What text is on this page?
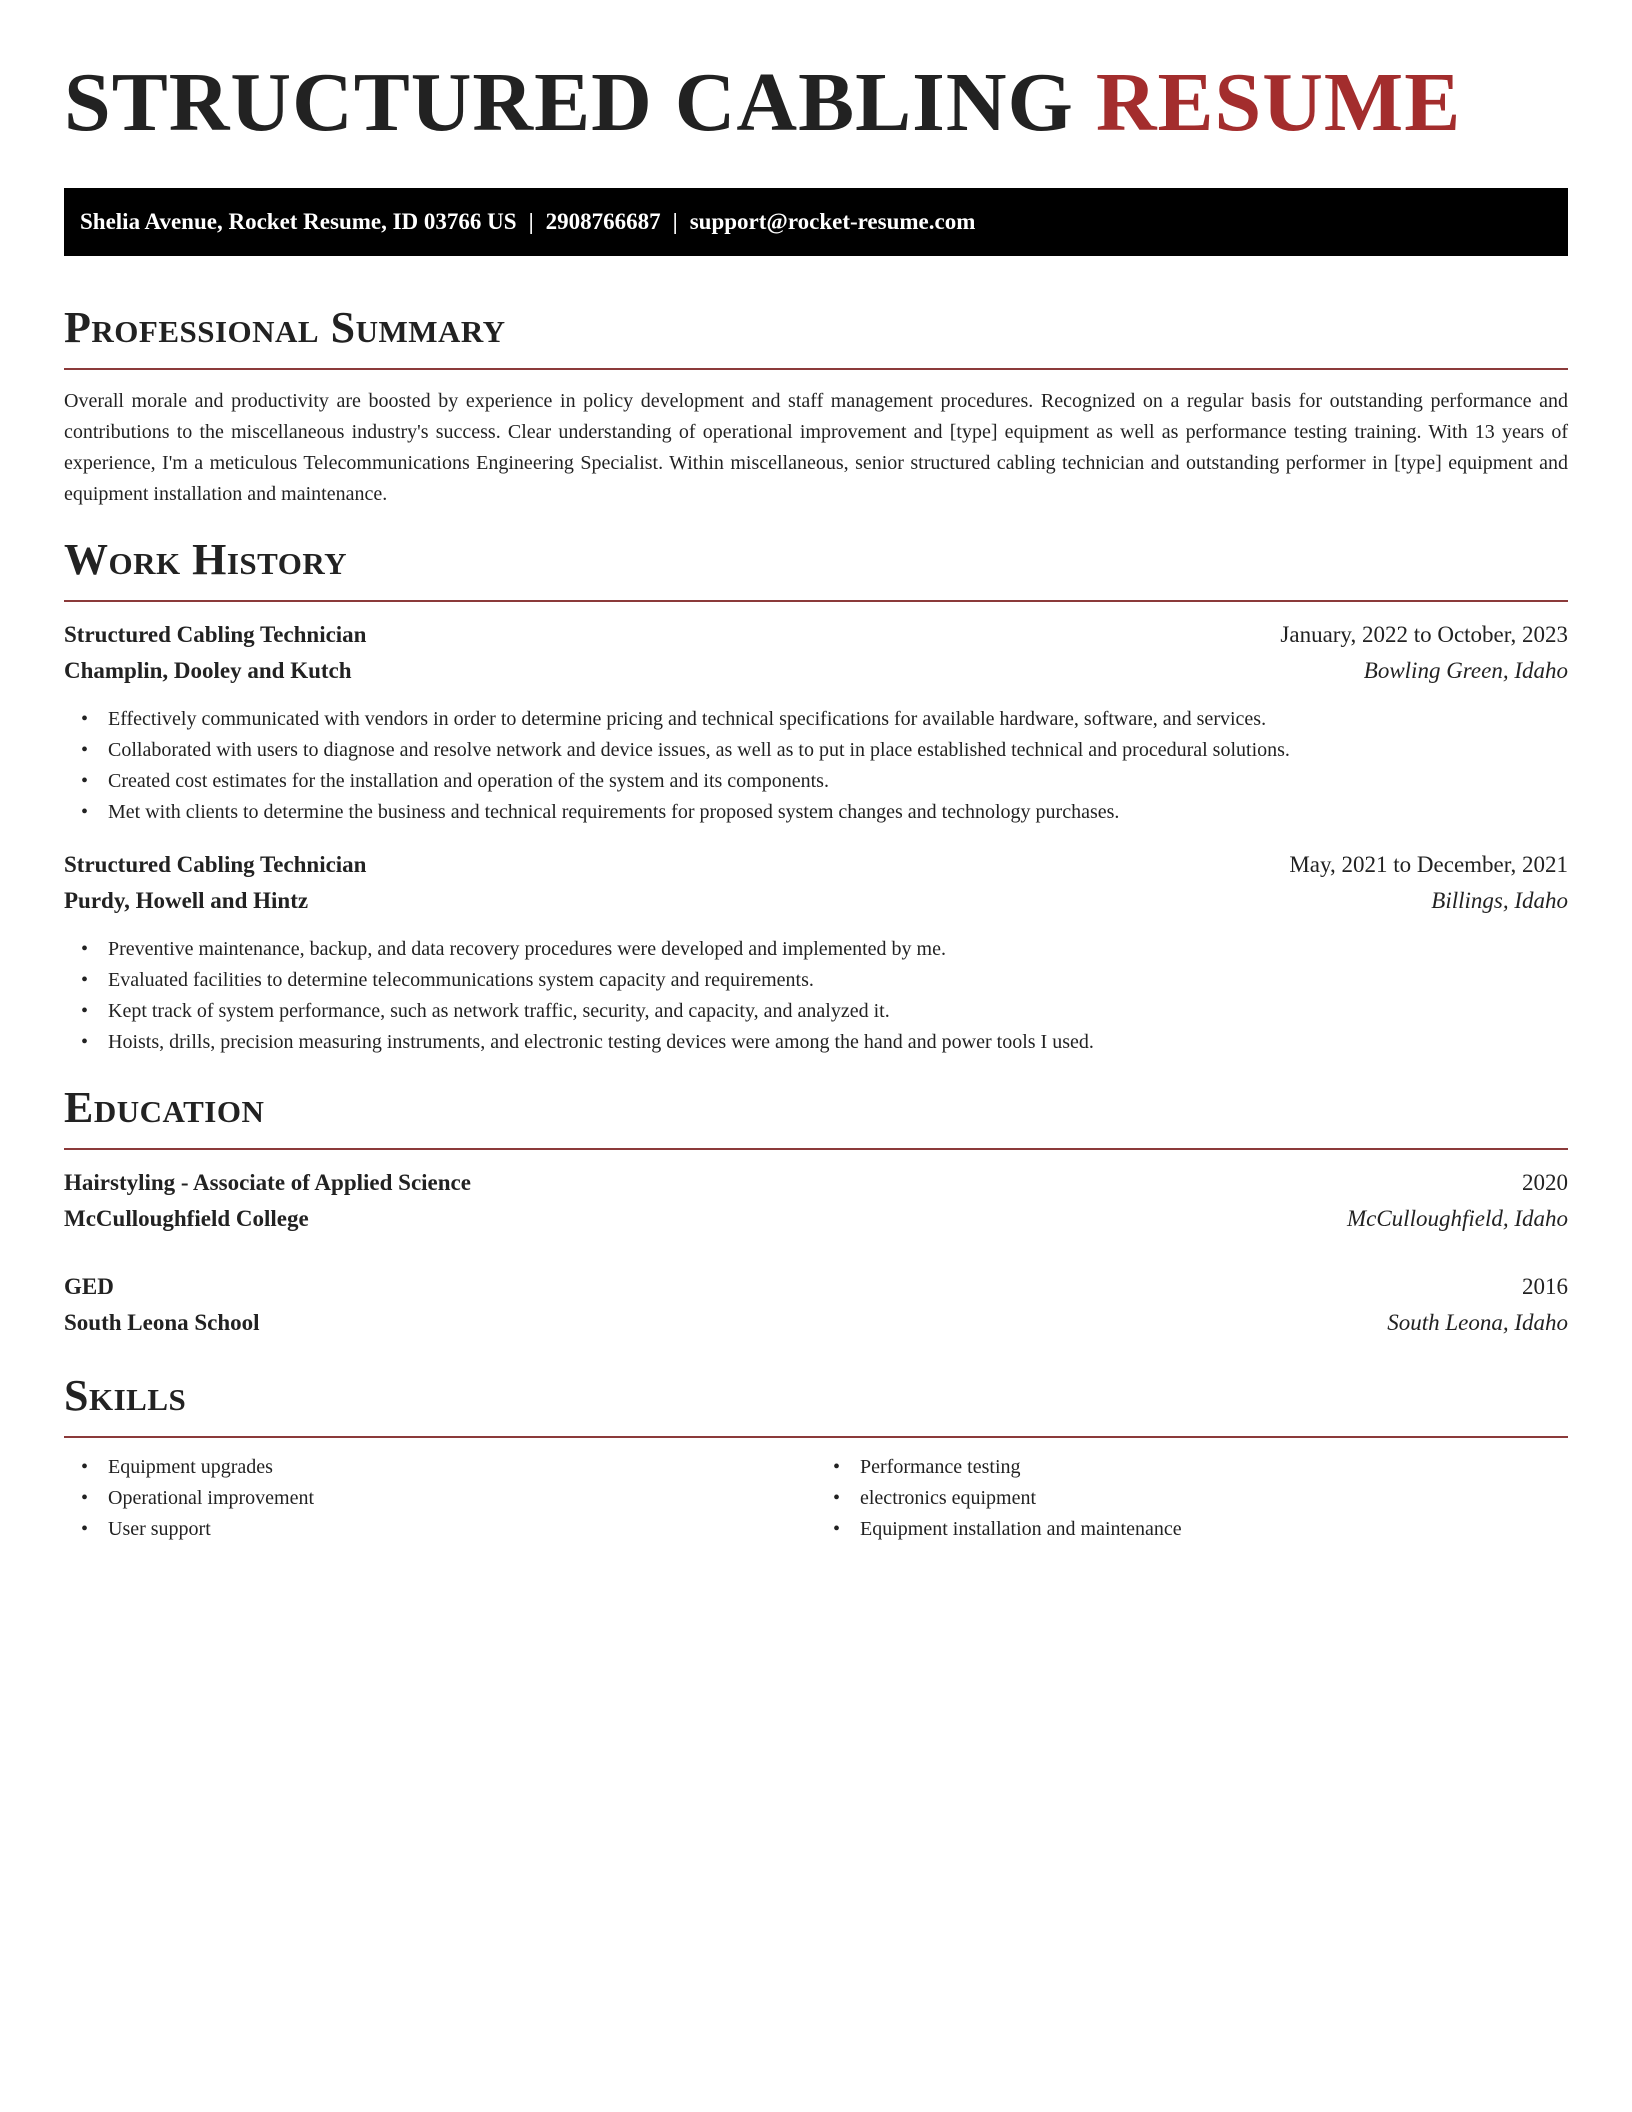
STRUCTURED CABLING RESUME
Shelia Avenue, Rocket Resume, ID 03766 US | 2908766687 | support@rocket-resume.com
Professional Summary

Overall morale and productivity are boosted by experience in policy development and staff management procedures. Recognized on a regular basis for outstanding performance and contributions to the miscellaneous industry's success. Clear understanding of operational improvement and [type] equipment as well as performance testing training. With 13 years of experience, I'm a meticulous Telecommunications Engineering Specialist. Within miscellaneous, senior structured cabling technician and outstanding performer in [type] equipment and equipment installation and maintenance.

Work History
Structured Cabling Technician	January, 2022 to October, 2023
Champlin, Dooley and Kutch	Bowling Green, Idaho
• Effectively communicated with vendors in order to determine pricing and technical specifications for available hardware, software, and services.
• Collaborated with users to diagnose and resolve network and device issues, as well as to put in place established technical and procedural solutions.
• Created cost estimates for the installation and operation of the system and its components.
• Met with clients to determine the business and technical requirements for proposed system changes and technology purchases.
Structured Cabling Technician	May, 2021 to December, 2021
Purdy, Howell and Hintz	Billings, Idaho
• Preventive maintenance, backup, and data recovery procedures were developed and implemented by me.
• Evaluated facilities to determine telecommunications system capacity and requirements.
• Kept track of system performance, such as network traffic, security, and capacity, and analyzed it.
• Hoists, drills, precision measuring instruments, and electronic testing devices were among the hand and power tools I used.
Education
Hairstyling - Associate of Applied Science	2020
McCulloughfield College	McCulloughfield, Idaho
GED	2016
South Leona School	South Leona, Idaho
Skills
• Equipment upgrades
• Operational improvement
• User support
• Performance testing
• electronics equipment
• Equipment installation and maintenance
